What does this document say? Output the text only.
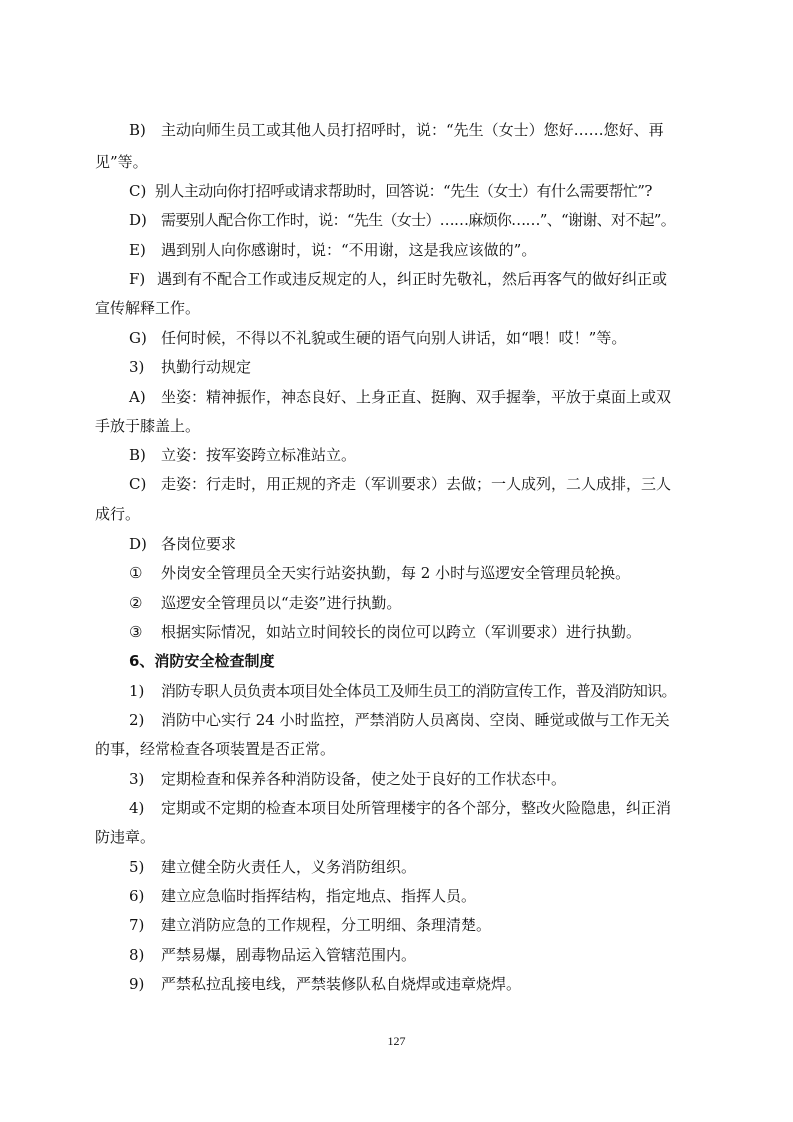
B) 主动向师生员工或其他人员打招呼时，说：“先生（女士）您好……您好、再
见”等。
C) 别人主动向你打招呼或请求帮助时，回答说：“先生（女士）有什么需要帮忙”?
D) 需要别人配合你工作时，说：“先生（女士）……麻烦你……”、“谢谢、对不起”。
E) 遇到别人向你感谢时，说：“不用谢，这是我应该做的”。
F) 遇到有不配合工作或违反规定的人，纠正时先敬礼，然后再客气的做好纠正或
宣传解释工作。
G) 任何时候，不得以不礼貌或生硬的语气向别人讲话，如“喂！哎！”等。
3) 执勤行动规定
A) 坐姿：精神振作，神态良好、上身正直、挺胸、双手握拳，平放于桌面上或双
手放于膝盖上。
B) 立姿：按军姿跨立标准站立。
C) 走姿：行走时，用正规的齐走（军训要求）去做；一人成列，二人成排，三人
成行。
D) 各岗位要求
① 外岗安全管理员全天实行站姿执勤，每 2 小时与巡逻安全管理员轮换。
② 巡逻安全管理员以“走姿”进行执勤。
③ 根据实际情况，如站立时间较长的岗位可以跨立（军训要求）进行执勤。
6、消防安全检查制度
1) 消防专职人员负责本项目处全体员工及师生员工的消防宣传工作，普及消防知识。
2) 消防中心实行 24 小时监控，严禁消防人员离岗、空岗、睡觉或做与工作无关
的事，经常检查各项装置是否正常。
3) 定期检查和保养各种消防设备，使之处于良好的工作状态中。
4) 定期或不定期的检查本项目处所管理楼宇的各个部分，整改火险隐患，纠正消
防违章。
5) 建立健全防火责任人，义务消防组织。
6) 建立应急临时指挥结构，指定地点、指挥人员。
7) 建立消防应急的工作规程，分工明细、条理清楚。
8) 严禁易爆，剧毒物品运入管辖范围内。
9) 严禁私拉乱接电线，严禁装修队私自烧焊或违章烧焊。
127
